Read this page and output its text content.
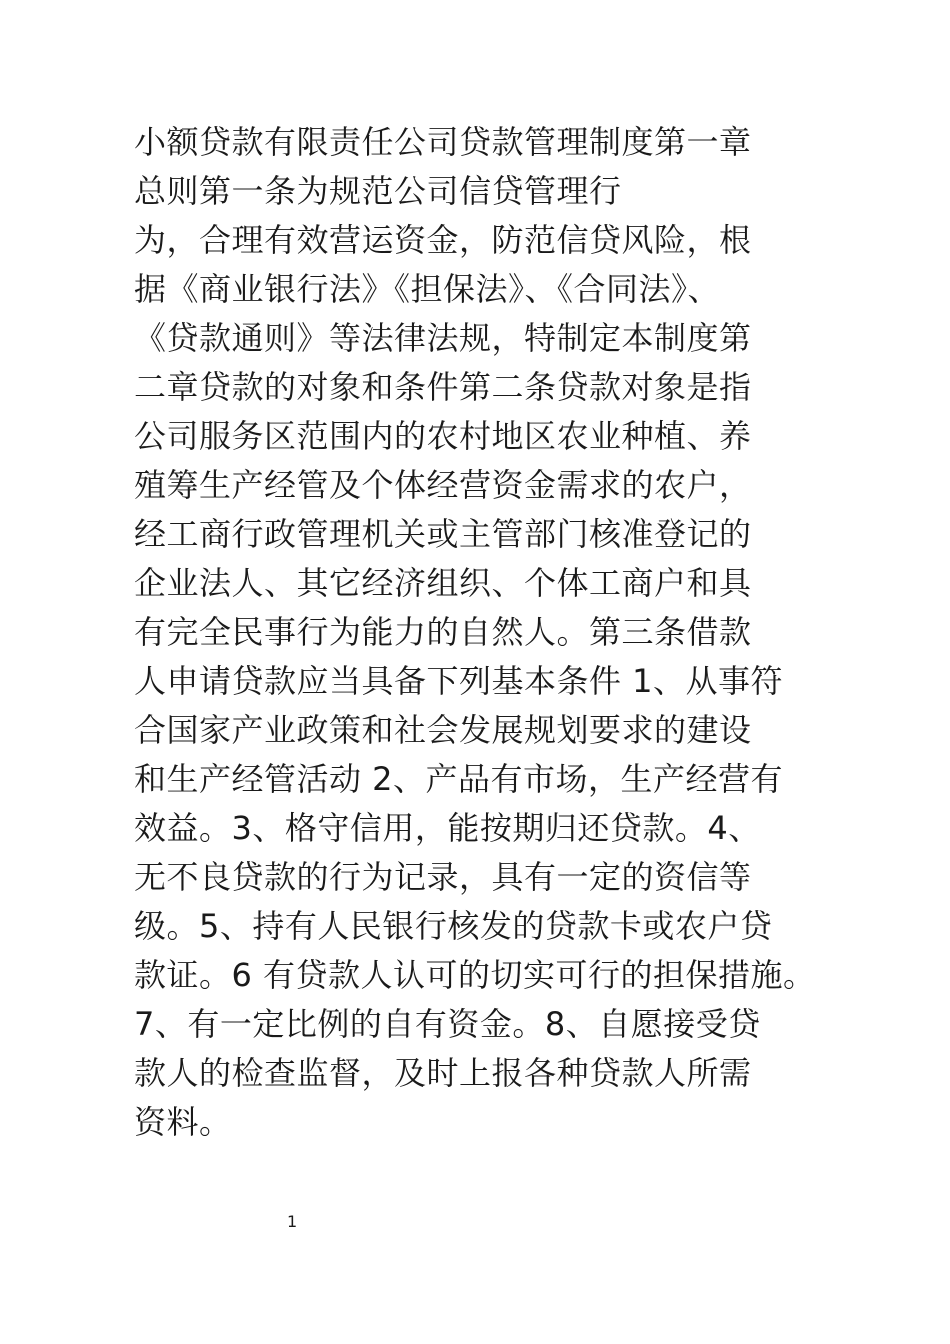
小额贷款有限责任公司贷款管理制度第一章
总则第一条为规范公司信贷管理行
为，合理有效营运资金，防范信贷风险，根
据《商业银行法》《担保法》、《合同法》、
《贷款通则》等法律法规，特制定本制度第
二章贷款的对象和条件第二条贷款对象是指
公司服务区范围内的农村地区农业种植、养
殖筹生产经管及个体经营资金需求的农户，
经工商行政管理机关或主管部门核准登记的
企业法人、其它经济组织、个体工商户和具
有完全民事行为能力的自然人。第三条借款
人申请贷款应当具备下列基本条件 1、从事符
合国家产业政策和社会发展规划要求的建设
和生产经管活动 2、产品有市场，生产经营有
效益。3、格守信用，能按期归还贷款。4、
无不良贷款的行为记录，具有一定的资信等
级。5、持有人民银行核发的贷款卡或农户贷
款证。6 有贷款人认可的切实可行的担保措施。
7、有一定比例的自有资金。8、自愿接受贷
款人的检查监督，及时上报各种贷款人所需
资料。
1
